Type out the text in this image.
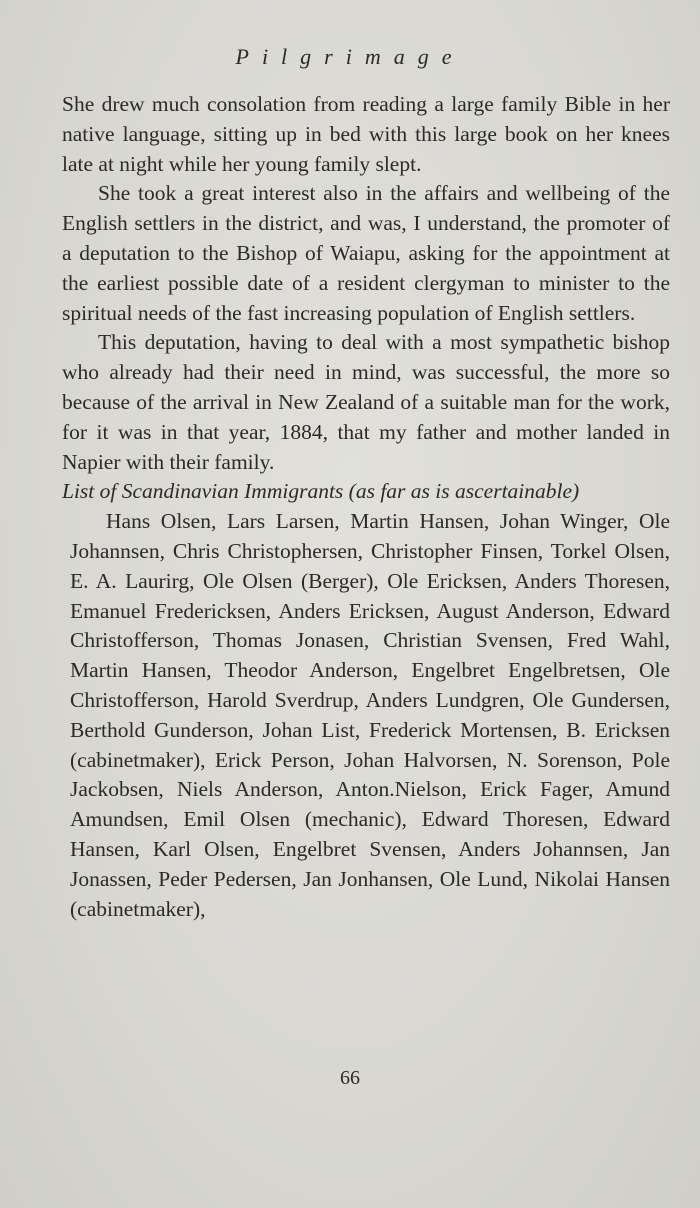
Pilgrimage

She drew much consolation from reading a large family Bible in her native language, sitting up in bed with this large book on her knees late at night while her young family slept.

She took a great interest also in the affairs and wellbeing of the English settlers in the district, and was, I understand, the promoter of a deputation to the Bishop of Waiapu, asking for the appointment at the earliest possible date of a resident clergyman to minister to the spiritual needs of the fast increasing population of English settlers.

This deputation, having to deal with a most sympathetic bishop who already had their need in mind, was successful, the more so because of the arrival in New Zealand of a suitable man for the work, for it was in that year, 1884, that my father and mother landed in Napier with their family.

List of Scandinavian Immigrants (as far as is ascertainable)

Hans Olsen, Lars Larsen, Martin Hansen, Johan Winger, Ole Johannsen, Chris Christophersen, Christopher Finsen, Torkel Olsen, E. A. Laurirg, Ole Olsen (Berger), Ole Ericksen, Anders Thoresen, Emanuel Fredericksen, Anders Ericksen, August Anderson, Edward Christofferson, Thomas Jonasen, Christian Svensen, Fred Wahl, Martin Hansen, Theodor Anderson, Engelbret Engelbretsen, Ole Christofferson, Harold Sverdrup, Anders Lundgren, Ole Gundersen, Berthold Gunderson, Johan List, Frederick Mortensen, B. Ericksen (cabinetmaker), Erick Person, Johan Halvorsen, N. Sorenson, Pole Jackobsen, Niels Anderson, Anton.Nielson, Erick Fager, Amund Amundsen, Emil Olsen (mechanic), Edward Thoresen, Edward Hansen, Karl Olsen, Engelbret Svensen, Anders Johannsen, Jan Jonassen, Peder Pedersen, Jan Jonhansen, Ole Lund, Nikolai Hansen (cabinetmaker),

66
